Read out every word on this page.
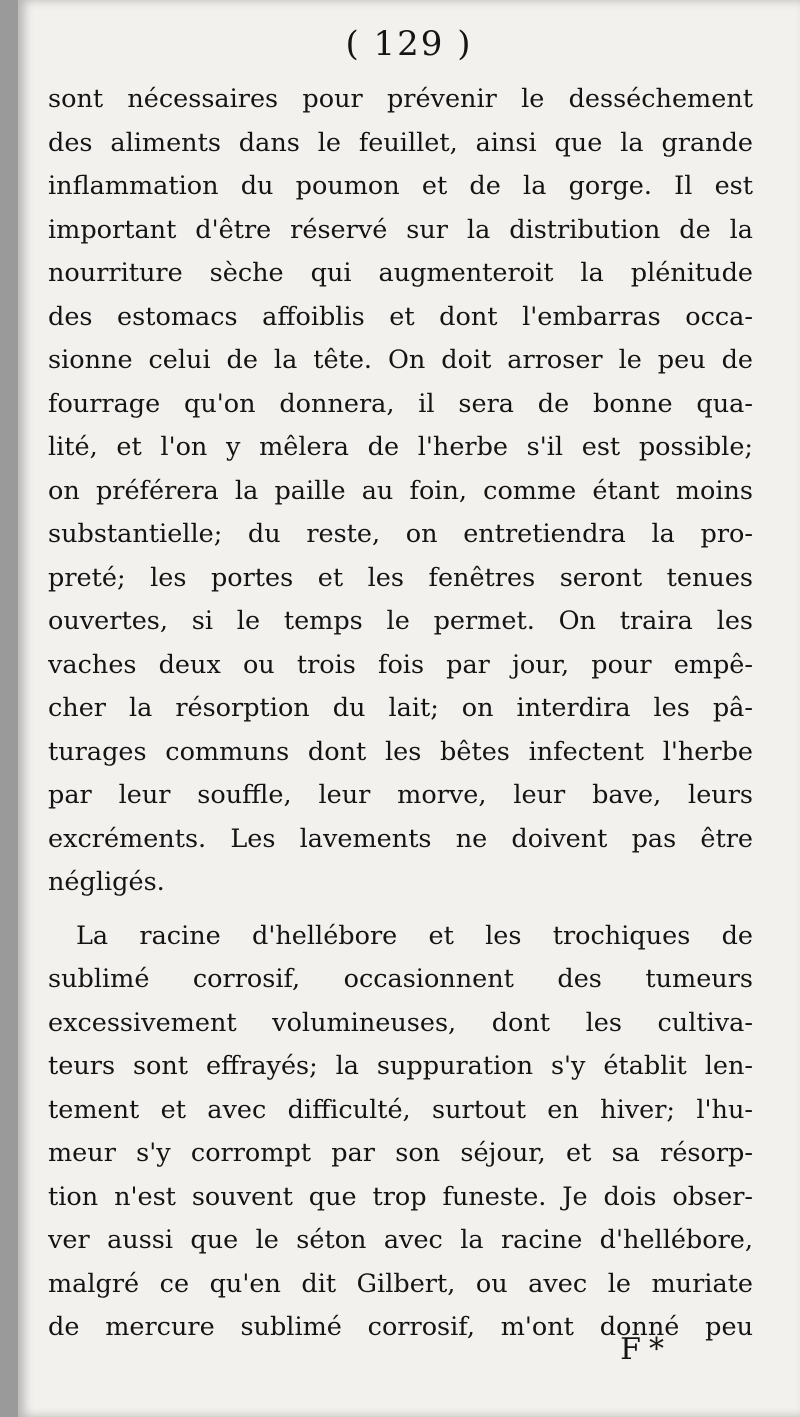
( 129 )
sont nécessaires pour prévenir le desséchement
des aliments dans le feuillet, ainsi que la grande
inflammation du poumon et de la gorge. Il est
important d'être réservé sur la distribution de la
nourriture sèche qui augmenteroit la plénitude
des estomacs affoiblis et dont l'embarras occa-
sionne celui de la tête. On doit arroser le peu de
fourrage qu'on donnera, il sera de bonne qua-
lité, et l'on y mêlera de l'herbe s'il est possible;
on préférera la paille au foin, comme étant moins
substantielle; du reste, on entretiendra la pro-
preté; les portes et les fenêtres seront tenues
ouvertes, si le temps le permet. On traira les
vaches deux ou trois fois par jour, pour empê-
cher la résorption du lait; on interdira les pâ-
turages communs dont les bêtes infectent l'herbe
par leur souffle, leur morve, leur bave, leurs
excréments. Les lavements ne doivent pas être
négligés.
La racine d'hellébore et les trochiques de
sublimé corrosif, occasionnent des tumeurs
excessivement volumineuses, dont les cultiva-
teurs sont effrayés; la suppuration s'y établit len-
tement et avec difficulté, surtout en hiver; l'hu-
meur s'y corrompt par son séjour, et sa résorp-
tion n'est souvent que trop funeste. Je dois obser-
ver aussi que le séton avec la racine d'hellébore,
malgré ce qu'en dit Gilbert, ou avec le muriate
de mercure sublimé corrosif, m'ont donné peu
F*
